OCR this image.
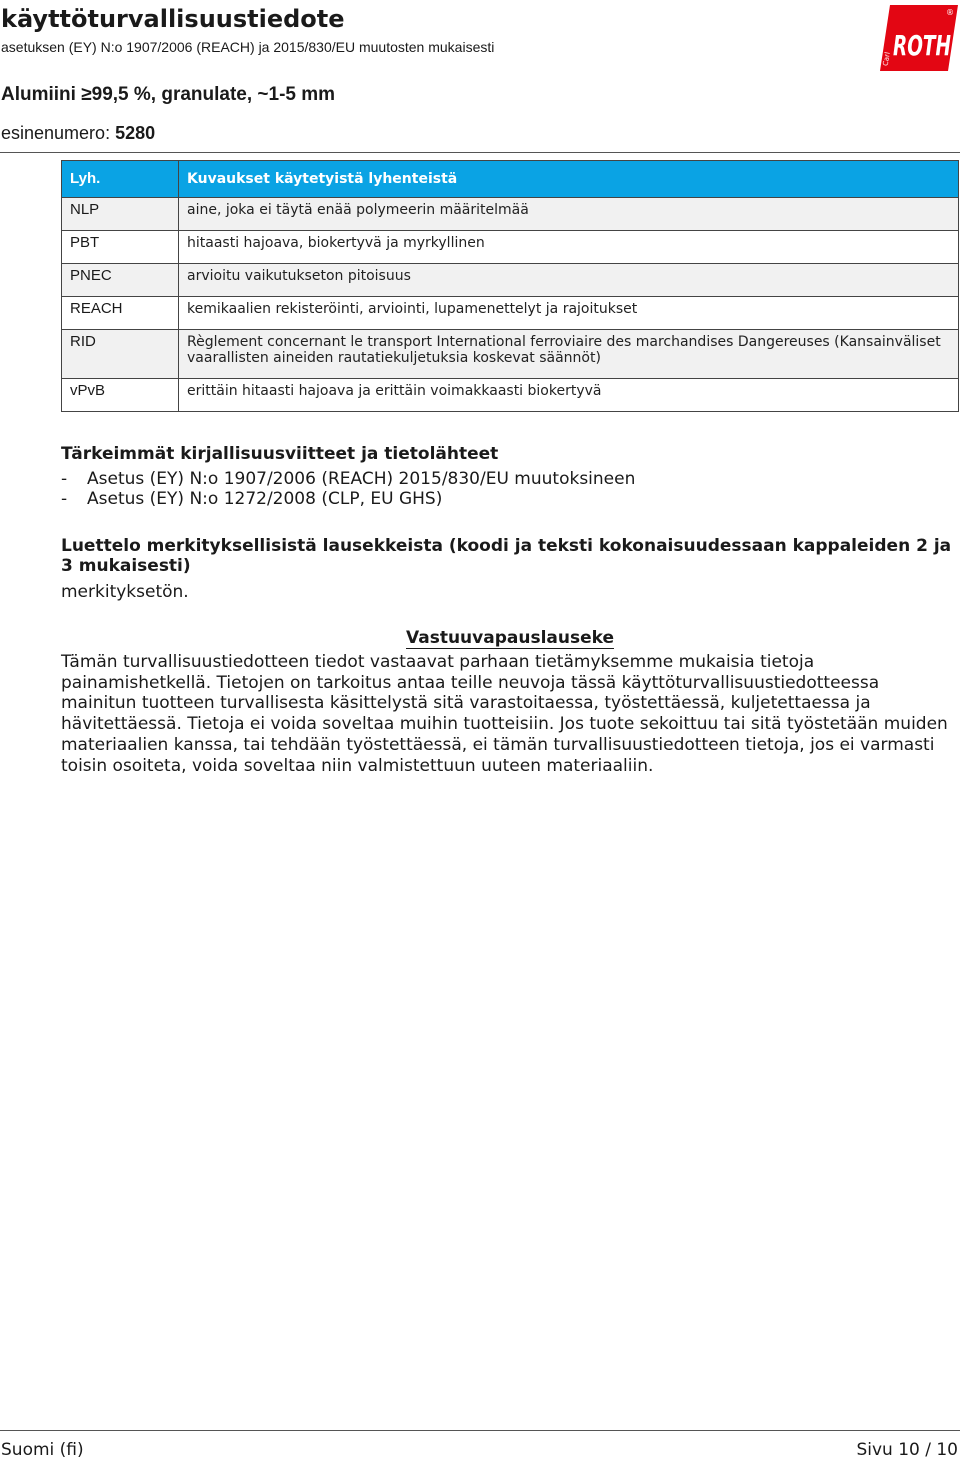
käyttöturvallisuustiedote
asetuksen (EY) N:o 1907/2006 (REACH) ja 2015/830/EU muutosten mukaisesti
Alumiini ≥99,5 %, granulate, ~1-5 mm
esinenumero: 5280
®
Carl ROTH
Lyh.	Kuvaukset käytetyistä lyhenteistä
NLP	aine, joka ei täytä enää polymeerin määritelmää
PBT	hitaasti hajoava, biokertyvä ja myrkyllinen
PNEC	arvioitu vaikutukseton pitoisuus
REACH	kemikaalien rekisteröinti, arviointi, lupamenettelyt ja rajoitukset
RID	Règlement concernant le transport International ferroviaire des marchandises Dangereuses (Kansainväliset vaarallisten aineiden rautatiekuljetuksia koskevat säännöt)
vPvB	erittäin hitaasti hajoava ja erittäin voimakkaasti biokertyvä
Tärkeimmät kirjallisuusviitteet ja tietolähteet
- Asetus (EY) N:o 1907/2006 (REACH) 2015/830/EU muutoksineen
- Asetus (EY) N:o 1272/2008 (CLP, EU GHS)
Luettelo merkityksellisistä lausekkeista (koodi ja teksti kokonaisuudessaan kappaleiden 2 ja 3 mukaisesti)
merkityksetön.
Vastuuvapauslauseke
Tämän turvallisuustiedotteen tiedot vastaavat parhaan tietämyksemme mukaisia tietoja painamishetkellä. Tietojen on tarkoitus antaa teille neuvoja tässä käyttöturvallisuustiedotteessa mainitun tuotteen turvallisesta käsittelystä sitä varastoitaessa, työstettäessä, kuljetettaessa ja hävitettäessä. Tietoja ei voida soveltaa muihin tuotteisiin. Jos tuote sekoittuu tai sitä työstetään muiden materiaalien kanssa, tai tehdään työstettäessä, ei tämän turvallisuustiedotteen tietoja, jos ei varmasti toisin osoiteta, voida soveltaa niin valmistettuun uuteen materiaaliin.
Suomi (fi)	Sivu 10 / 10
